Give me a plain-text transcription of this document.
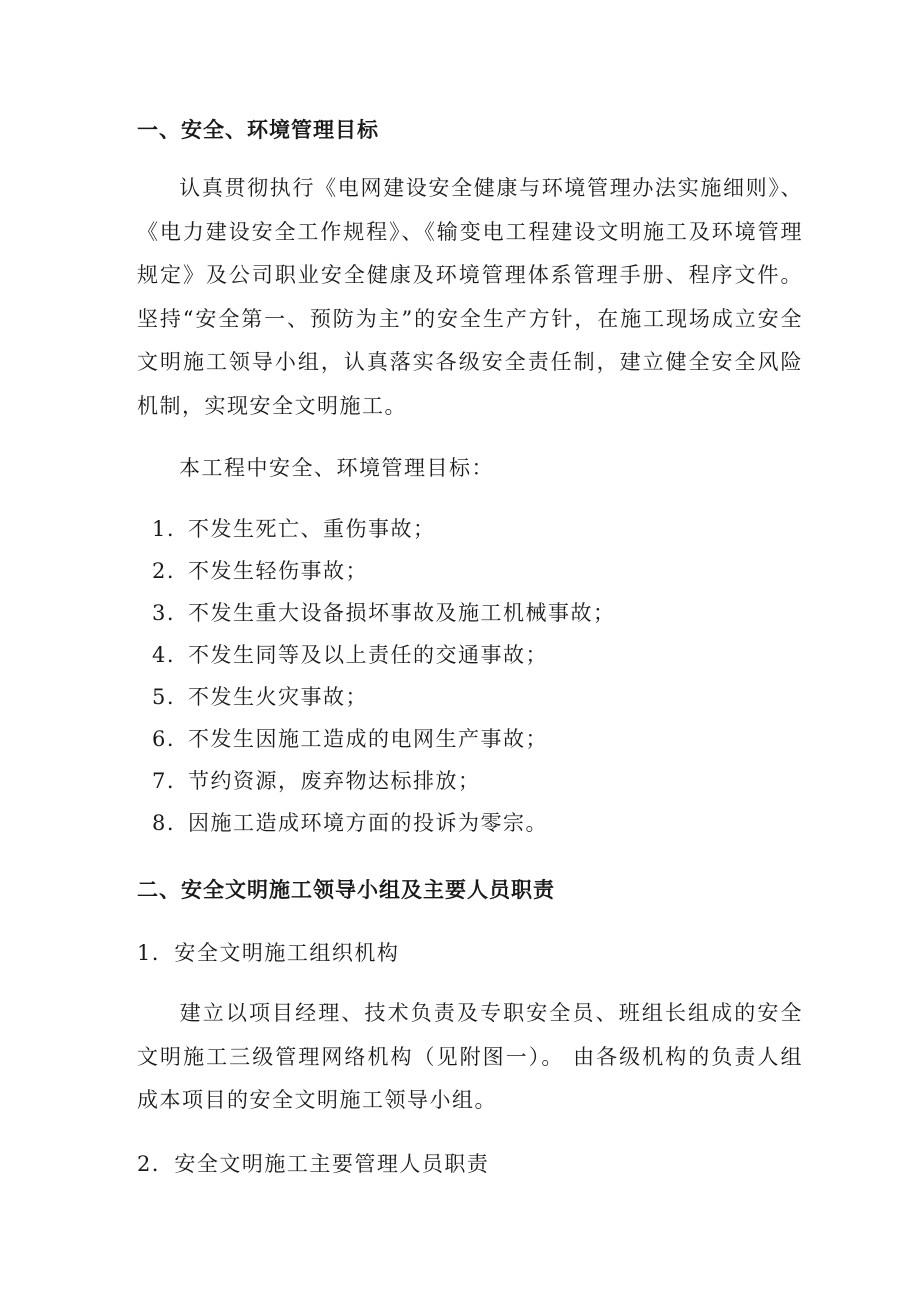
一、安全、环境管理目标
认真贯彻执行《电网建设安全健康与环境管理办法实施细则》、《电力建设安全工作规程》、《输变电工程建设文明施工及环境管理规定》及公司职业安全健康及环境管理体系管理手册、程序文件。坚持“安全第一、预防为主”的安全生产方针，在施工现场成立安全文明施工领导小组，认真落实各级安全责任制，建立健全安全风险机制，实现安全文明施工。
本工程中安全、环境管理目标：
1. 不发生死亡、重伤事故；
2. 不发生轻伤事故；
3. 不发生重大设备损坏事故及施工机械事故；
4. 不发生同等及以上责任的交通事故；
5. 不发生火灾事故；
6. 不发生因施工造成的电网生产事故；
7. 节约资源，废弃物达标排放；
8. 因施工造成环境方面的投诉为零宗。
二、安全文明施工领导小组及主要人员职责
1．安全文明施工组织机构
建立以项目经理、技术负责及专职安全员、班组长组成的安全文明施工三级管理网络机构（见附图一）。 由各级机构的负责人组成本项目的安全文明施工领导小组。
2．安全文明施工主要管理人员职责
